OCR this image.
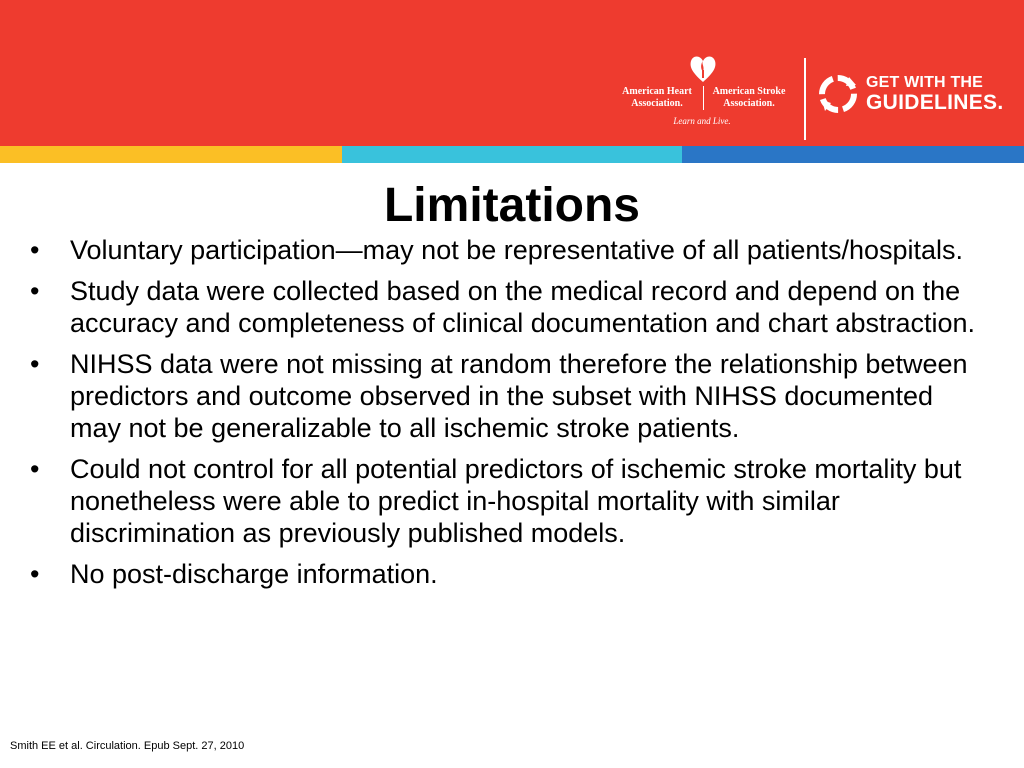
American Heart
Association.
American Stroke
Association.
Learn and Live.
GET WITH THE
GUIDELINES.
Limitations
•	Voluntary participation—may not be representative of all patients/hospitals.
•	Study data were collected based on the medical record and depend on the accuracy and completeness of clinical documentation and chart abstraction.
•	NIHSS data were not missing at random therefore the relationship between predictors and outcome observed in the subset with NIHSS documented may not be generalizable to all ischemic stroke patients.
•	Could not control for all potential predictors of ischemic stroke mortality but nonetheless were able to predict in-hospital mortality with similar discrimination as previously published models.
•	No post-discharge information.
Smith EE et al. Circulation. Epub Sept. 27, 2010
